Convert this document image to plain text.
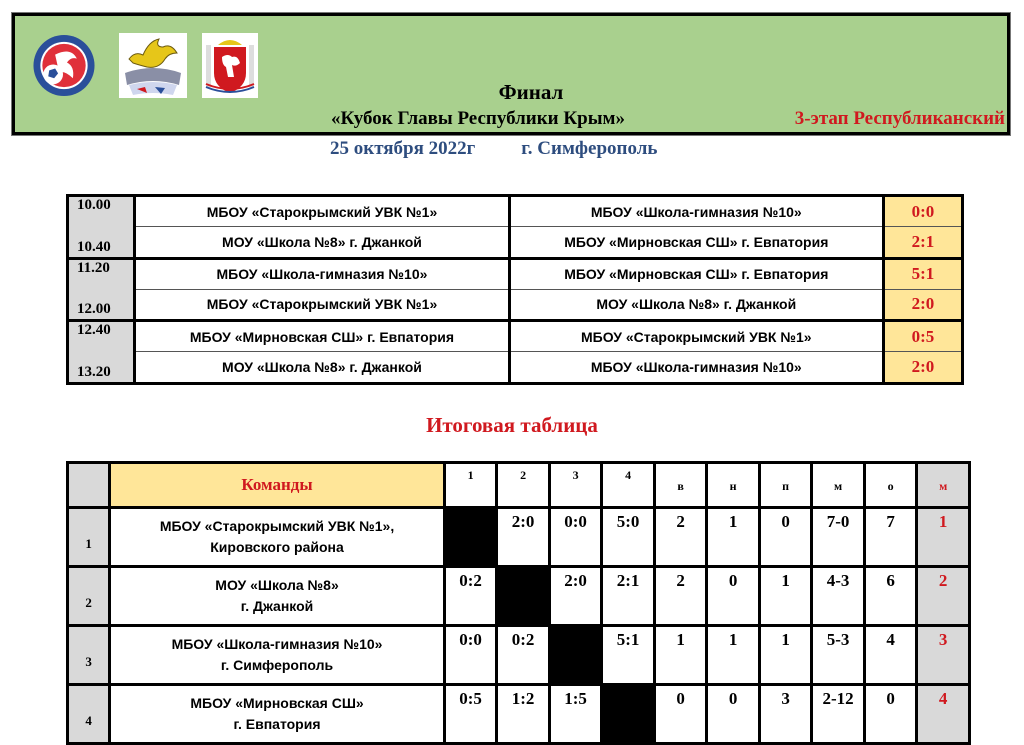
Финал
«Кубок Главы Республики Крым»	3-этап Республиканский
25 октября 2022г г. Симферополь
10.00	МБОУ «Старокрымский УВК №1»	МБОУ «Школа-гимназия №10»	0:0
10.40	МОУ «Школа №8» г. Джанкой	МБОУ «Мирновская СШ» г. Евпатория	2:1
11.20	МБОУ «Школа-гимназия №10»	МБОУ «Мирновская СШ» г. Евпатория	5:1
12.00	МБОУ «Старокрымский УВК №1»	МОУ «Школа №8» г. Джанкой	2:0
12.40	МБОУ «Мирновская СШ» г. Евпатория	МБОУ «Старокрымский УВК №1»	0:5
13.20	МОУ «Школа №8» г. Джанкой	МБОУ «Школа-гимназия №10»	2:0
Итоговая таблица
	Команды	1	2	3	4	в	н	п	м	о	м
1	МБОУ «Старокрымский УВК №1»,
Кировского района		2:0	0:0	5:0	2	1	0	7-0	7	1
2	МОУ «Школа №8»
г. Джанкой	0:2		2:0	2:1	2	0	1	4-3	6	2
3	МБОУ «Школа-гимназия №10»
г. Симферополь	0:0	0:2		5:1	1	1	1	5-3	4	3
4	МБОУ «Мирновская СШ»
г. Евпатория	0:5	1:2	1:5		0	0	3	2-12	0	4
